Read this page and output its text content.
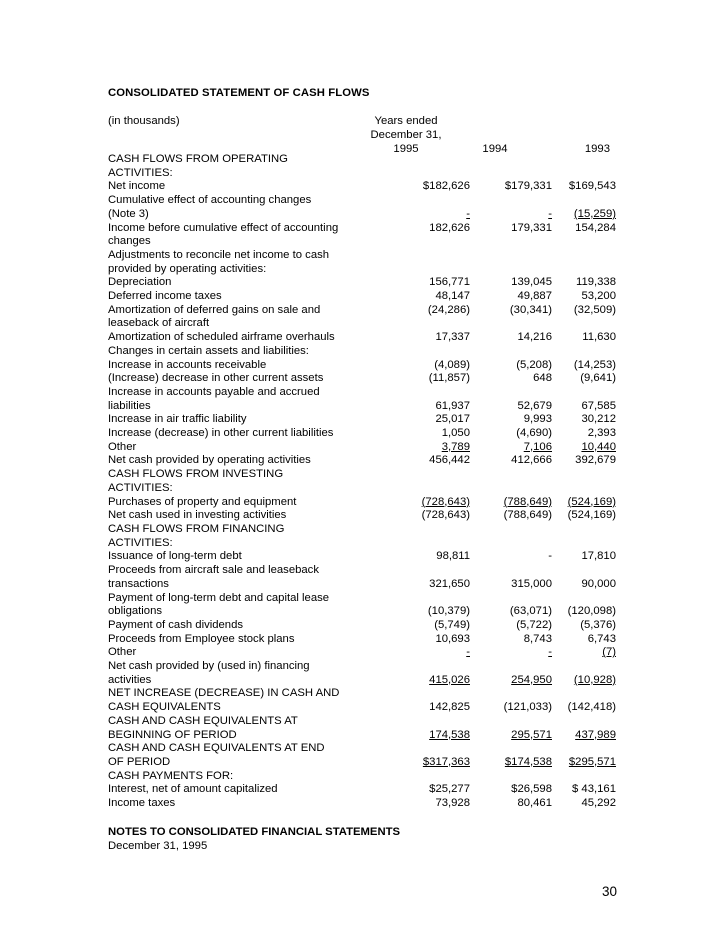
CONSOLIDATED STATEMENT OF CASH FLOWS
(in thousands)	Years ended
December 31,
1995	1994	1993
CASH FLOWS FROM OPERATING			
ACTIVITIES:			
Net income	$182,626	$179,331	$169,543
Cumulative effect of accounting changes			
(Note 3)	-	-	(15,259)
Income before cumulative effect of accounting	182,626	179,331	154,284
changes			
Adjustments to reconcile net income to cash			
provided by operating activities:			
Depreciation	156,771	139,045	119,338
Deferred income taxes	48,147	49,887	53,200
Amortization of deferred gains on sale and	(24,286)	(30,341)	(32,509)
leaseback of aircraft			
Amortization of scheduled airframe overhauls	17,337	14,216	11,630
Changes in certain assets and liabilities:			
Increase in accounts receivable	(4,089)	(5,208)	(14,253)
(Increase) decrease in other current assets	(11,857)	648	(9,641)
Increase in accounts payable and accrued			
liabilities	61,937	52,679	67,585
Increase in air traffic liability	25,017	9,993	30,212
Increase (decrease) in other current liabilities	1,050	(4,690)	2,393
Other	3,789	7,106	10,440
Net cash provided by operating activities	456,442	412,666	392,679
CASH FLOWS FROM INVESTING			
ACTIVITIES:			
Purchases of property and equipment	(728,643)	(788,649)	(524,169)
Net cash used in investing activities	(728,643)	(788,649)	(524,169)
CASH FLOWS FROM FINANCING			
ACTIVITIES:			
Issuance of long-term debt	98,811	-	17,810
Proceeds from aircraft sale and leaseback			
transactions	321,650	315,000	90,000
Payment of long-term debt and capital lease			
obligations	(10,379)	(63,071)	(120,098)
Payment of cash dividends	(5,749)	(5,722)	(5,376)
Proceeds from Employee stock plans	10,693	8,743	6,743
Other	-	-	(7)
Net cash provided by (used in) financing			
activities	415,026	254,950	(10,928)
NET INCREASE (DECREASE) IN CASH AND			
CASH EQUIVALENTS	142,825	(121,033)	(142,418)
CASH AND CASH EQUIVALENTS AT			
BEGINNING OF PERIOD	174,538	295,571	437,989
CASH AND CASH EQUIVALENTS AT END			
OF PERIOD	$317,363	$174,538	$295,571
CASH PAYMENTS FOR:			
Interest, net of amount capitalized	$25,277	$26,598	$ 43,161
Income taxes	73,928	80,461	45,292
NOTES TO CONSOLIDATED FINANCIAL STATEMENTS
December 31, 1995
30
